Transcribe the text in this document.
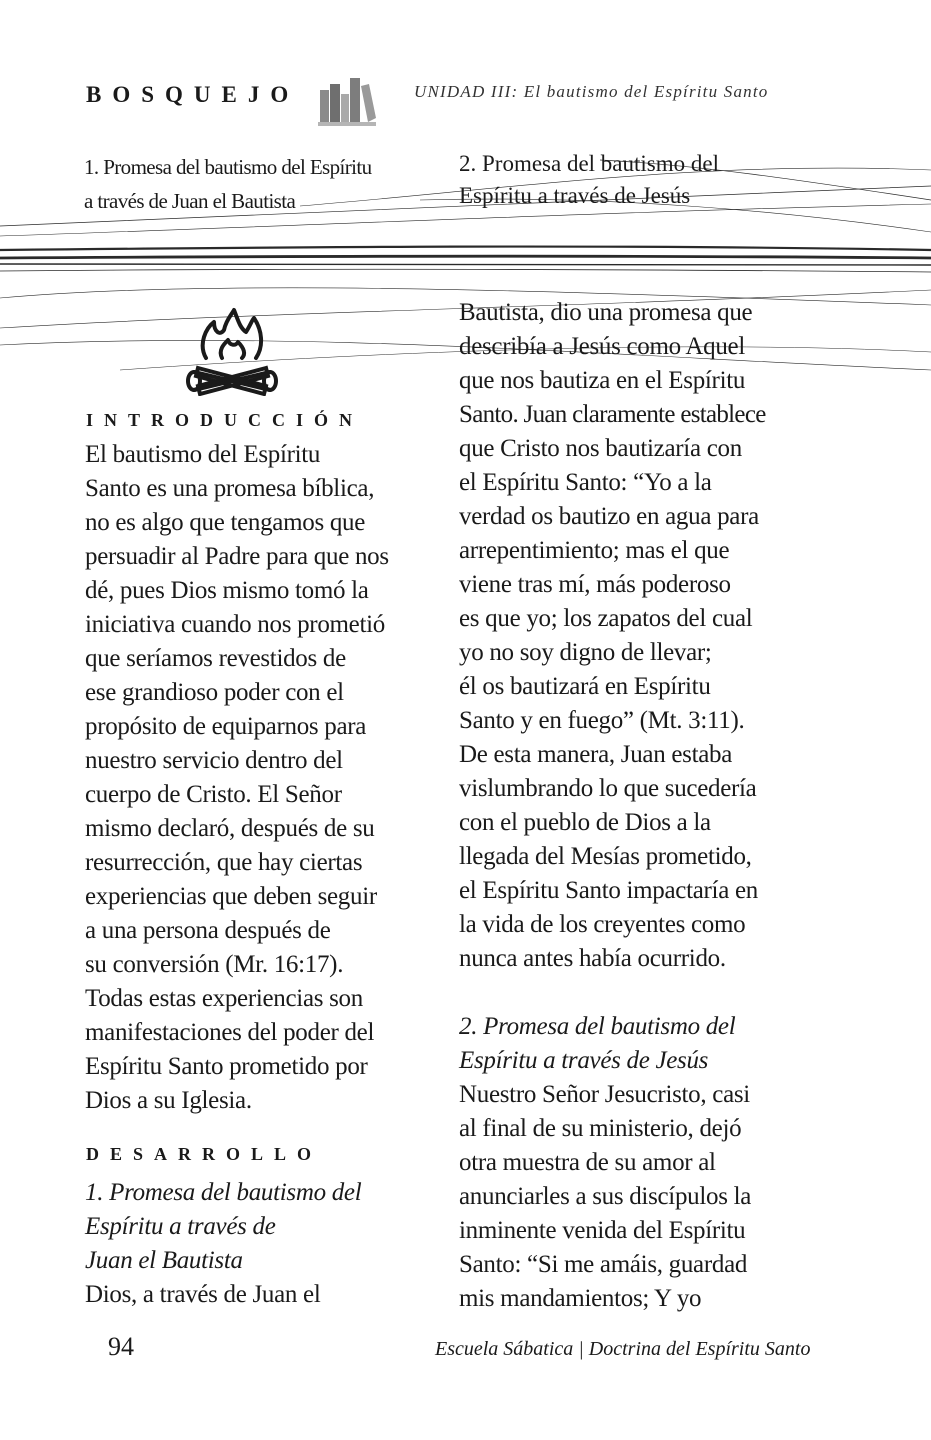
BOSQUEJO	UNIDAD III: El bautismo del Espíritu Santo
1. Promesa del bautismo del Espíritu
a través de Juan el Bautista
2. Promesa del bautismo del
Espíritu a través de Jesús
INTRODUCCIÓN
El bautismo del Espíritu
Santo es una promesa bíblica,
no es algo que tengamos que
persuadir al Padre para que nos
dé, pues Dios mismo tomó la
iniciativa cuando nos prometió
que seríamos revestidos de
ese grandioso poder con el
propósito de equiparnos para
nuestro servicio dentro del
cuerpo de Cristo. El Señor
mismo declaró, después de su
resurrección, que hay ciertas
experiencias que deben seguir
a una persona después de
su conversión (Mr. 16:17).
Todas estas experiencias son
manifestaciones del poder del
Espíritu Santo prometido por
Dios a su Iglesia.
1. Promesa del bautismo del
Espíritu a través de
Juan el Bautista
Dios, a través de Juan el
DESARROLLO
Bautista, dio una promesa que
describía a Jesús como Aquel
que nos bautiza en el Espíritu
Santo. Juan claramente establece
que Cristo nos bautizaría con
el Espíritu Santo: “Yo a la
verdad os bautizo en agua para
arrepentimiento; mas el que
viene tras mí, más poderoso
es que yo; los zapatos del cual
yo no soy digno de llevar;
él os bautizará en Espíritu
Santo y en fuego” (Mt. 3:11).
De esta manera, Juan estaba
vislumbrando lo que sucedería
con el pueblo de Dios a la
llegada del Mesías prometido,
el Espíritu Santo impactaría en
la vida de los creyentes como
nunca antes había ocurrido.
2. Promesa del bautismo del
Espíritu a través de Jesús
Nuestro Señor Jesucristo, casi
al final de su ministerio, dejó
otra muestra de su amor al
anunciarles a sus discípulos la
inminente venida del Espíritu
Santo: “Si me amáis, guardad
mis mandamientos; Y yo
94	Escuela Sábatica | Doctrina del Espíritu Santo
